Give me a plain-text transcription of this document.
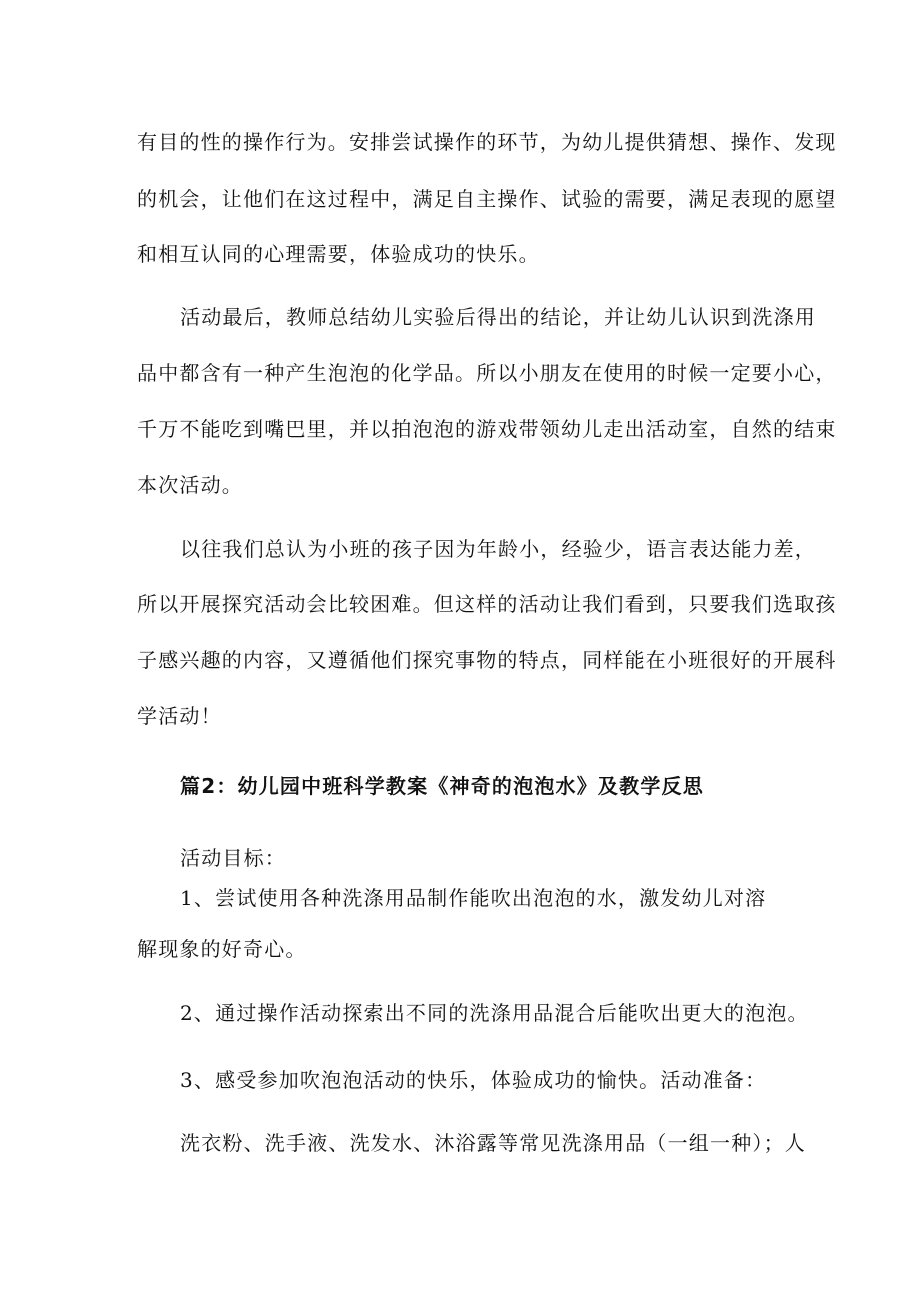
有目的性的操作行为。安排尝试操作的环节，为幼儿提供猜想、操作、发现
的机会，让他们在这过程中，满足自主操作、试验的需要，满足表现的愿望
和相互认同的心理需要，体验成功的快乐。
活动最后，教师总结幼儿实验后得出的结论，并让幼儿认识到洗涤用
品中都含有一种产生泡泡的化学品。所以小朋友在使用的时候一定要小心，
千万不能吃到嘴巴里，并以拍泡泡的游戏带领幼儿走出活动室，自然的结束
本次活动。
以往我们总认为小班的孩子因为年龄小，经验少，语言表达能力差，
所以开展探究活动会比较困难。但这样的活动让我们看到，只要我们选取孩
子感兴趣的内容，又遵循他们探究事物的特点，同样能在小班很好的开展科
学活动！
篇2：幼儿园中班科学教案《神奇的泡泡水》及教学反思
活动目标：
1、尝试使用各种洗涤用品制作能吹出泡泡的水，激发幼儿对溶
解现象的好奇心。
2、通过操作活动探索出不同的洗涤用品混合后能吹出更大的泡泡。
3、感受参加吹泡泡活动的快乐，体验成功的愉快。活动准备：
洗衣粉、洗手液、洗发水、沐浴露等常见洗涤用品（一组一种）；人
